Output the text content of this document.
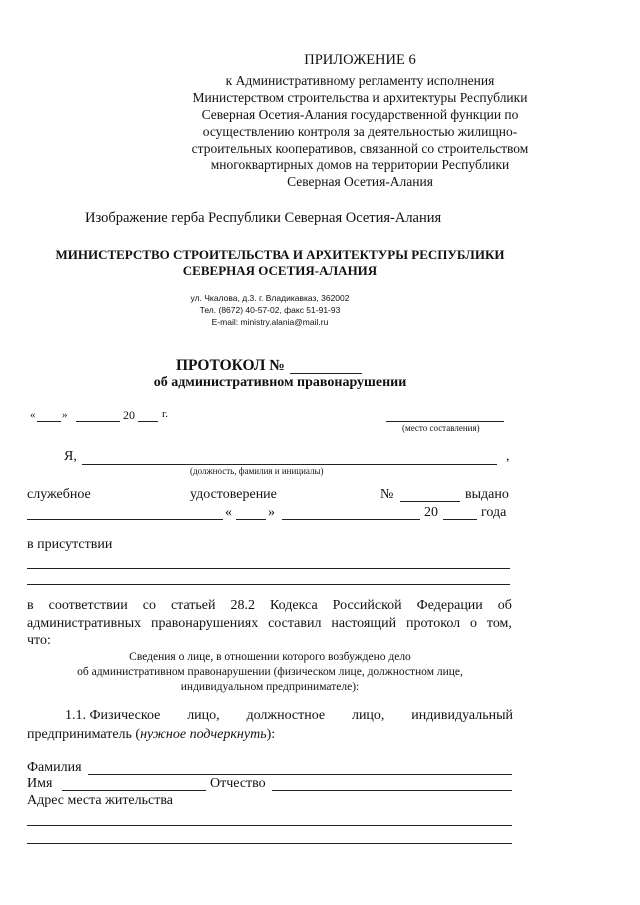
ПРИЛОЖЕНИЕ 6
к Административному регламенту исполнения
Министерством строительства и архитектуры Республики
Северная Осетия-Алания государственной функции по
осуществлению контроля за деятельностью жилищно-
строительных кооперативов, связанной со строительством
многоквартирных домов на территории Республики
Северная Осетия-Алания
Изображение герба Республики Северная Осетия-Алания
МИНИСТЕРСТВО СТРОИТЕЛЬСТВА И АРХИТЕКТУРЫ РЕСПУБЛИКИ
СЕВЕРНАЯ ОСЕТИЯ-АЛАНИЯ
ул. Чкалова, д.3. г. Владикавказ, 362002
Тел. (8672) 40-57-02, факс 51-91-93
E-mail: ministry.alania@mail.ru
ПРОТОКОЛ №
об административном правонарушении
« »	20 г.
(место составления)
Я,	,
(должность, фамилия и инициалы)
служебное	удостоверение	№	выдано
«	»	20	года
в присутствии
в соответствии со статьей 28.2 Кодекса Российской Федерации об
административных правонарушениях составил настоящий протокол о том,
что:
Сведения о лице, в отношении которого возбуждено дело
об административном правонарушении (физическом лице, должностном лице,
индивидуальном предпринимателе):
1.1. Физическое лицо, должностное лицо, индивидуальный
предприниматель (нужное подчеркнуть):
Фамилия
Имя	Отчество
Адрес места жительства
